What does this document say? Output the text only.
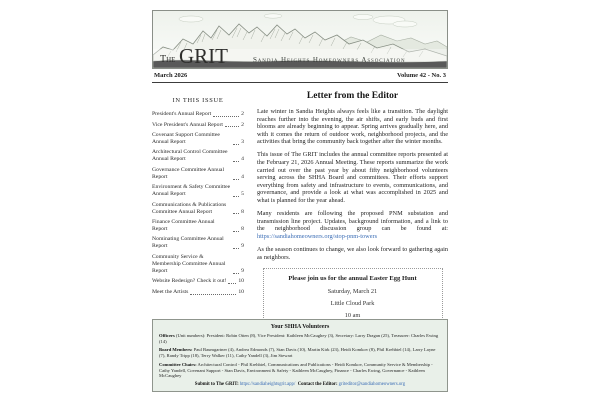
The GRIT	Sandia Heights Homeowners Association
March 2026	Volume 42 - No. 3
IN THIS ISSUE
President's Annual Report	2
Vice President's Annual Report	2
Covenant Support Committee Annual Report	3
Architectural Control Committee Annual Report	4
Governance Committee Annual Report	4
Environment & Safety Committee Annual Report	5
Communications & Publications Committee Annual Report	8
Finance Committee Annual Report	8
Nominating Committee Annual Report	9
Community Service & Membership Committee Annual Report	9
Website Redesign? Check it out! 10
Meet the Artists	10
Letter from the Editor

Late winter in Sandia Heights always feels like a transition. The daylight reaches further into the evening, the air shifts, and early buds and first blooms are already beginning to appear. Spring arrives gradually here, and with it comes the return of outdoor work, neighborhood projects, and the activities that bring the community back together after the winter months.

This issue of The GRIT includes the annual committee reports presented at the February 21, 2026 Annual Meeting. These reports summarize the work carried out over the past year by about fifty neighborhood volunteers serving across the SHHA Board and committees. Their efforts support everything from safety and infrastructure to events, communications, and governance, and provide a look at what was accomplished in 2025 and what is planned for the year ahead.

Many residents are following the proposed PNM substation and transmission line project. Updates, background information, and a link to the neighborhood discussion group can be found at: https://sandiahomeowners.org/stop-pnm-towers

As the season continues to change, we also look forward to gathering again as neighbors.

Please join us for the annual Easter Egg Hunt
Saturday, March 21
Little Cloud Park
10 am
Your SHHA Volunteers
Officers (Unit numbers): President: Robin Otten (8), Vice President: Kathleen McCaughey (3), Secretary: Larry Dragan (25), Treasurer: Charles Ewing (14)
Board Members: Paul Baumgartner (4), Andrea Edmonds (7), Stan Davis (10), Martin Kirk (23), Heidi Komkov (8), Phil Krehbiel (14), Larry Layne (7), Randy Tripp (18), Terry Walker (11), Cathy Yandell (3), Jim Stewart
Committee Chairs: Architectural Control - Phil Krehbiel, Communications and Publications - Heidi Komkov, Community Service & Membership - Cathy Yandell, Covenant Support - Stan Davis, Environment & Safety - Kathleen McCaughey, Finance - Charles Ewing, Governance - Kathleen McCaughey
Submit to The GRIT:https://sandiaheightsgrit.app/ Contact the Editor:griteditor@sandiahomeowners.org
